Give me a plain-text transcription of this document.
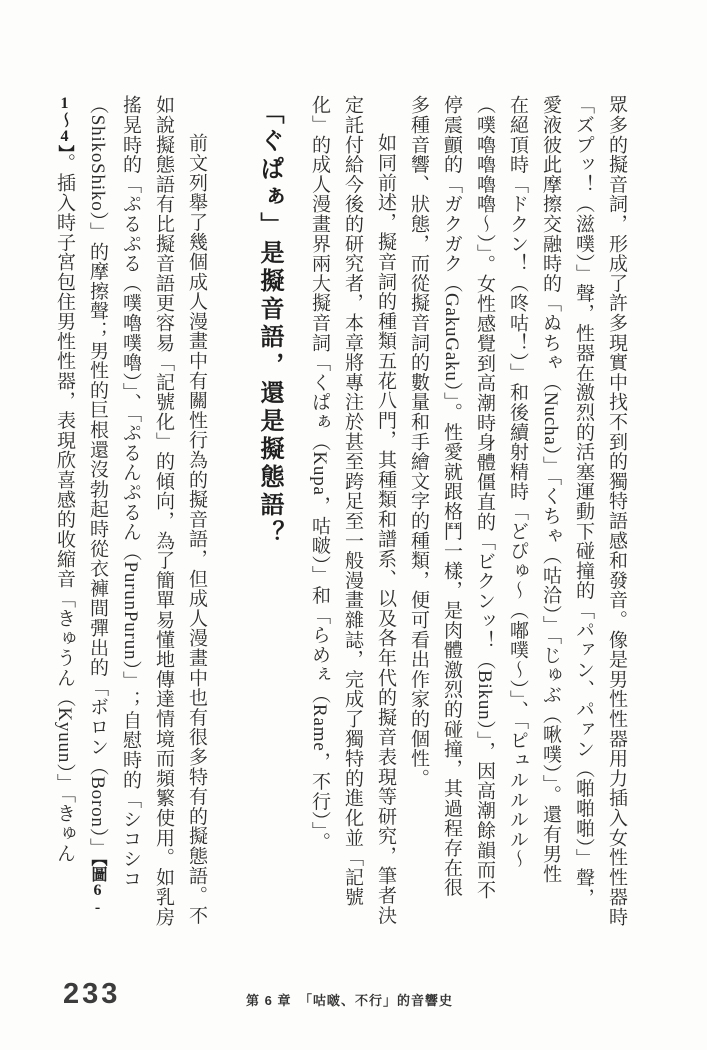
眾多的擬音詞，形成了許多現實中找不到的獨特語感和發音。像是男性性器用力插入女性性器時

「ズプッ！（滋噗）」聲，性器在激烈的活塞運動下碰撞的「パァン、パァン（啪啪啪）」聲，

愛液彼此摩擦交融時的「ぬちゃ（Nucha）」「くちゃ（咕洽）」「じゅぶ（啾噗）」。還有男性

在絕頂時「ドクン！（咚咕！）」和後續射精時「どぴゅ～（嘟噗～）」、「ピュルルルル～

（噗嚕嚕嚕嚕～）」。女性感覺到高潮時身體僵直的「ビクンッ！（Bikun）」，因高潮餘韻而不

停震顫的「ガクガク（GakuGaku）」。性愛就跟格鬥一樣，是肉體激烈的碰撞，其過程存在很

多種音響、狀態，而從擬音詞的數量和手繪文字的種類，便可看出作家的個性。

如同前述，擬音詞的種類五花八門，其種類和譜系、以及各年代的擬音表現等研究，筆者決

定託付給今後的研究者，本章將專注於甚至跨足至一般漫畫雜誌，完成了獨特的進化並「記號

化」的成人漫畫界兩大擬音詞「くぱぁ（Kupa，咕啵）」和「らめぇ（Rame，不行）」。

「ぐぱぁ」是擬音語，還是擬態語？

前文列舉了幾個成人漫畫中有關性行為的擬音語，但成人漫畫中也有很多特有的擬態語。不

如說擬態語有比擬音語更容易「記號化」的傾向，為了簡單易懂地傳達情境而頻繁使用。如乳房

搖晃時的「ぷるぷる（噗嚕噗嚕）」、「ぷるんぷるん（PurunPurun）」；自慰時的「シコシコ

（ShikoShiko）」的摩擦聲；男性的巨根還沒勃起時從衣褲間彈出的「ボロン（Boron）」【圖6-

1～4】。插入時子宮包住男性性器，表現欣喜感的收縮音「きゅうん（Kyuun）」「きゅん

233	第 6 章　「咕啵、不行」的音響史
